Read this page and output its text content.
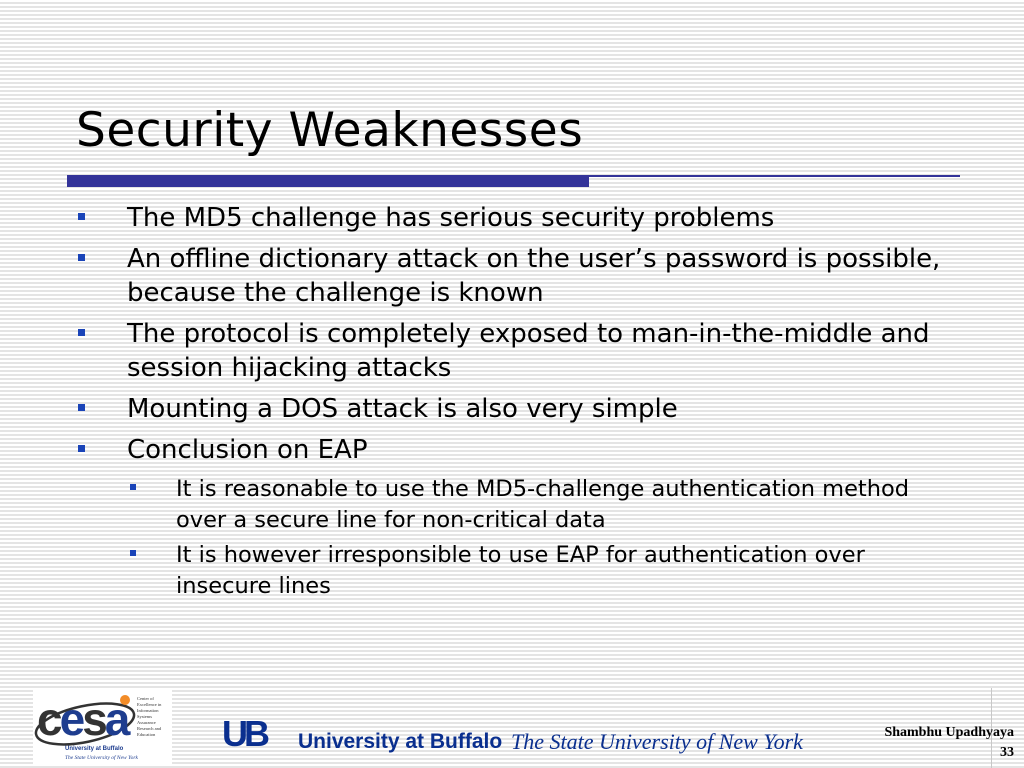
Security Weaknesses
The MD5 challenge has serious security problems
An offline dictionary attack on the user’s password is possible, because the challenge is known
The protocol is completely exposed to man-in-the-middle and session hijacking attacks
Mounting a DOS attack is also very simple
Conclusion on EAP
It is reasonable to use the MD5-challenge authentication method over a secure line for non-critical data
It is however irresponsible to use EAP for authentication over insecure lines
cesa Center of Excellence in Information Systems Assurance Research and Education
University at Buffalo
The State University of New York
UB University at Buffalo The State University of New York	Shambhu Upadhyaya
33
